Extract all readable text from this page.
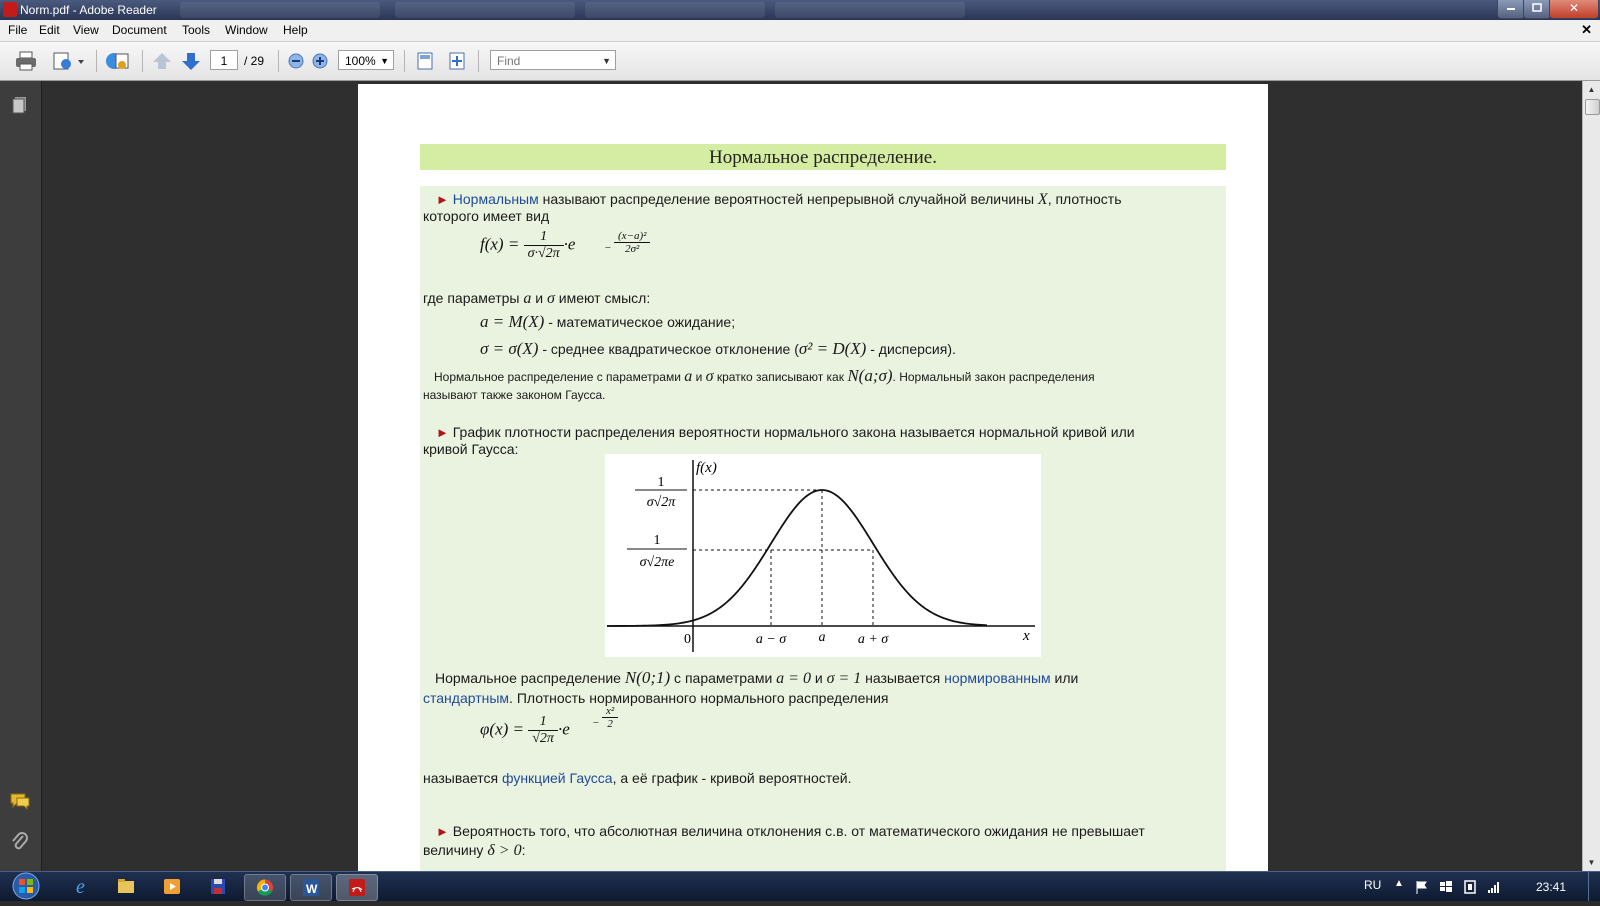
Norm.pdf - Adobe Reader	✕
File Edit View Document Tools Window Help	✕
1	/ 29	100% ▼	Find	▼
Нормальное распределение.
► Нормальным называют распределение вероятностей непрерывной случайной величины X, плотность
которого имеет вид
$f(x) = \frac{1}{\sigma\cdot√2\pi} \cdot e$	− $\frac{\text{(x−a)²}}{\text{2σ²}}$
где параметры a и σ имеют смысл:
a = M(X) - математическое ожидание;
σ = σ(X) - среднее квадратическое отклонение (σ² = D(X) - дисперсия).
Нормальное распределение с параметрами a и σ кратко записывают как N(a;σ). Нормальный закон распределения
называют также законом Гаусса.
► График плотности распределения вероятности нормального закона называется нормальной кривой или
кривой Гаусса:
f(x)
1
σ√2π
1
σ√2πe
0	a − σ a a + σ	x
Нормальное распределение N(0;1) с параметрами a = 0 и σ = 1 называется нормированным или
стандартным. Плотность нормированного нормального распределения
$\varphi(x) = \frac{1}{√2\pi} \cdot e - \frac{\text{x²}}{2}$
называется функцией Гаусса, а её график - кривой вероятностей.
► Вероятность того, что абсолютная величина отклонения с.в. от математического ожидания не превышает
величину δ > 0:
▲
▼
e	W	RU ▲	23:41
